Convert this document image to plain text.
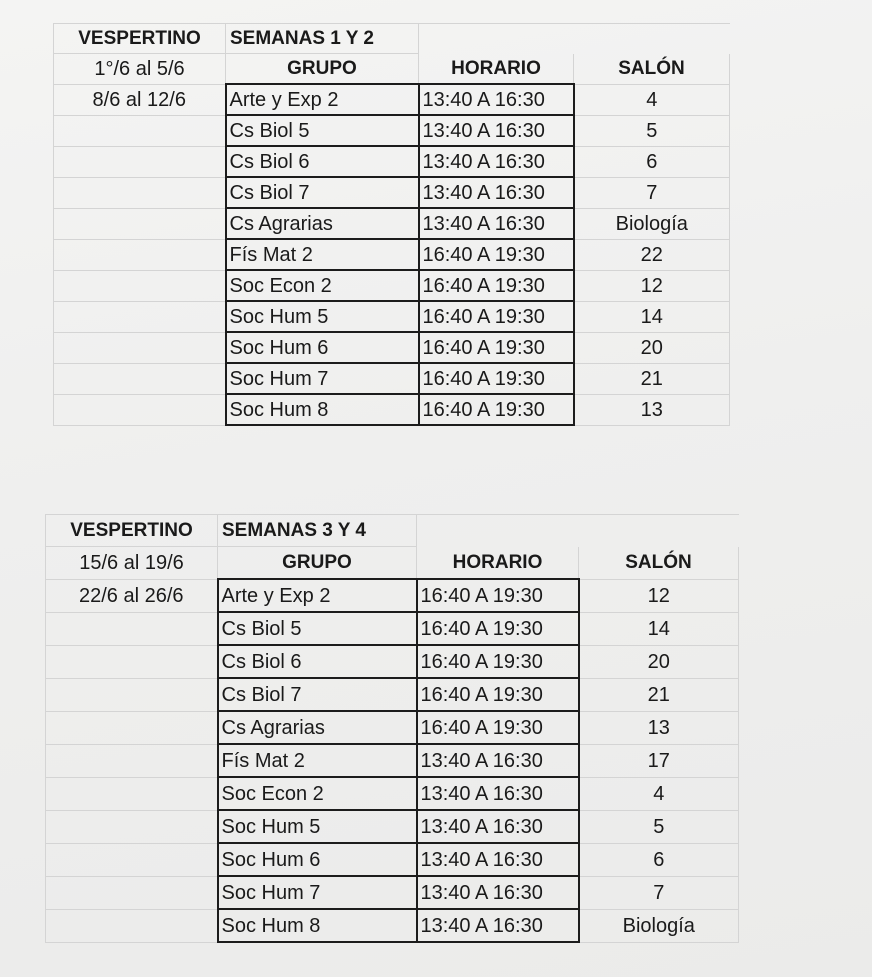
VESPERTINO	SEMANAS 1 Y 2		
1°/6 al 5/6	GRUPO	HORARIO	SALÓN
8/6 al 12/6	Arte y Exp 2	13:40 A 16:30	4
	Cs Biol 5	13:40 A 16:30	5
	Cs Biol 6	13:40 A 16:30	6
	Cs Biol 7	13:40 A 16:30	7
	Cs Agrarias	13:40 A 16:30	Biología
	Fís Mat 2	16:40 A 19:30	22
	Soc Econ 2	16:40 A 19:30	12
	Soc Hum 5	16:40 A 19:30	14
	Soc Hum 6	16:40 A 19:30	20
	Soc Hum 7	16:40 A 19:30	21
	Soc Hum 8	16:40 A 19:30	13
VESPERTINO	SEMANAS 3 Y 4		
15/6 al 19/6	GRUPO	HORARIO	SALÓN
22/6 al 26/6	Arte y Exp 2	16:40 A 19:30	12
	Cs Biol 5	16:40 A 19:30	14
	Cs Biol 6	16:40 A 19:30	20
	Cs Biol 7	16:40 A 19:30	21
	Cs Agrarias	16:40 A 19:30	13
	Fís Mat 2	13:40 A 16:30	17
	Soc Econ 2	13:40 A 16:30	4
	Soc Hum 5	13:40 A 16:30	5
	Soc Hum 6	13:40 A 16:30	6
	Soc Hum 7	13:40 A 16:30	7
	Soc Hum 8	13:40 A 16:30	Biología
